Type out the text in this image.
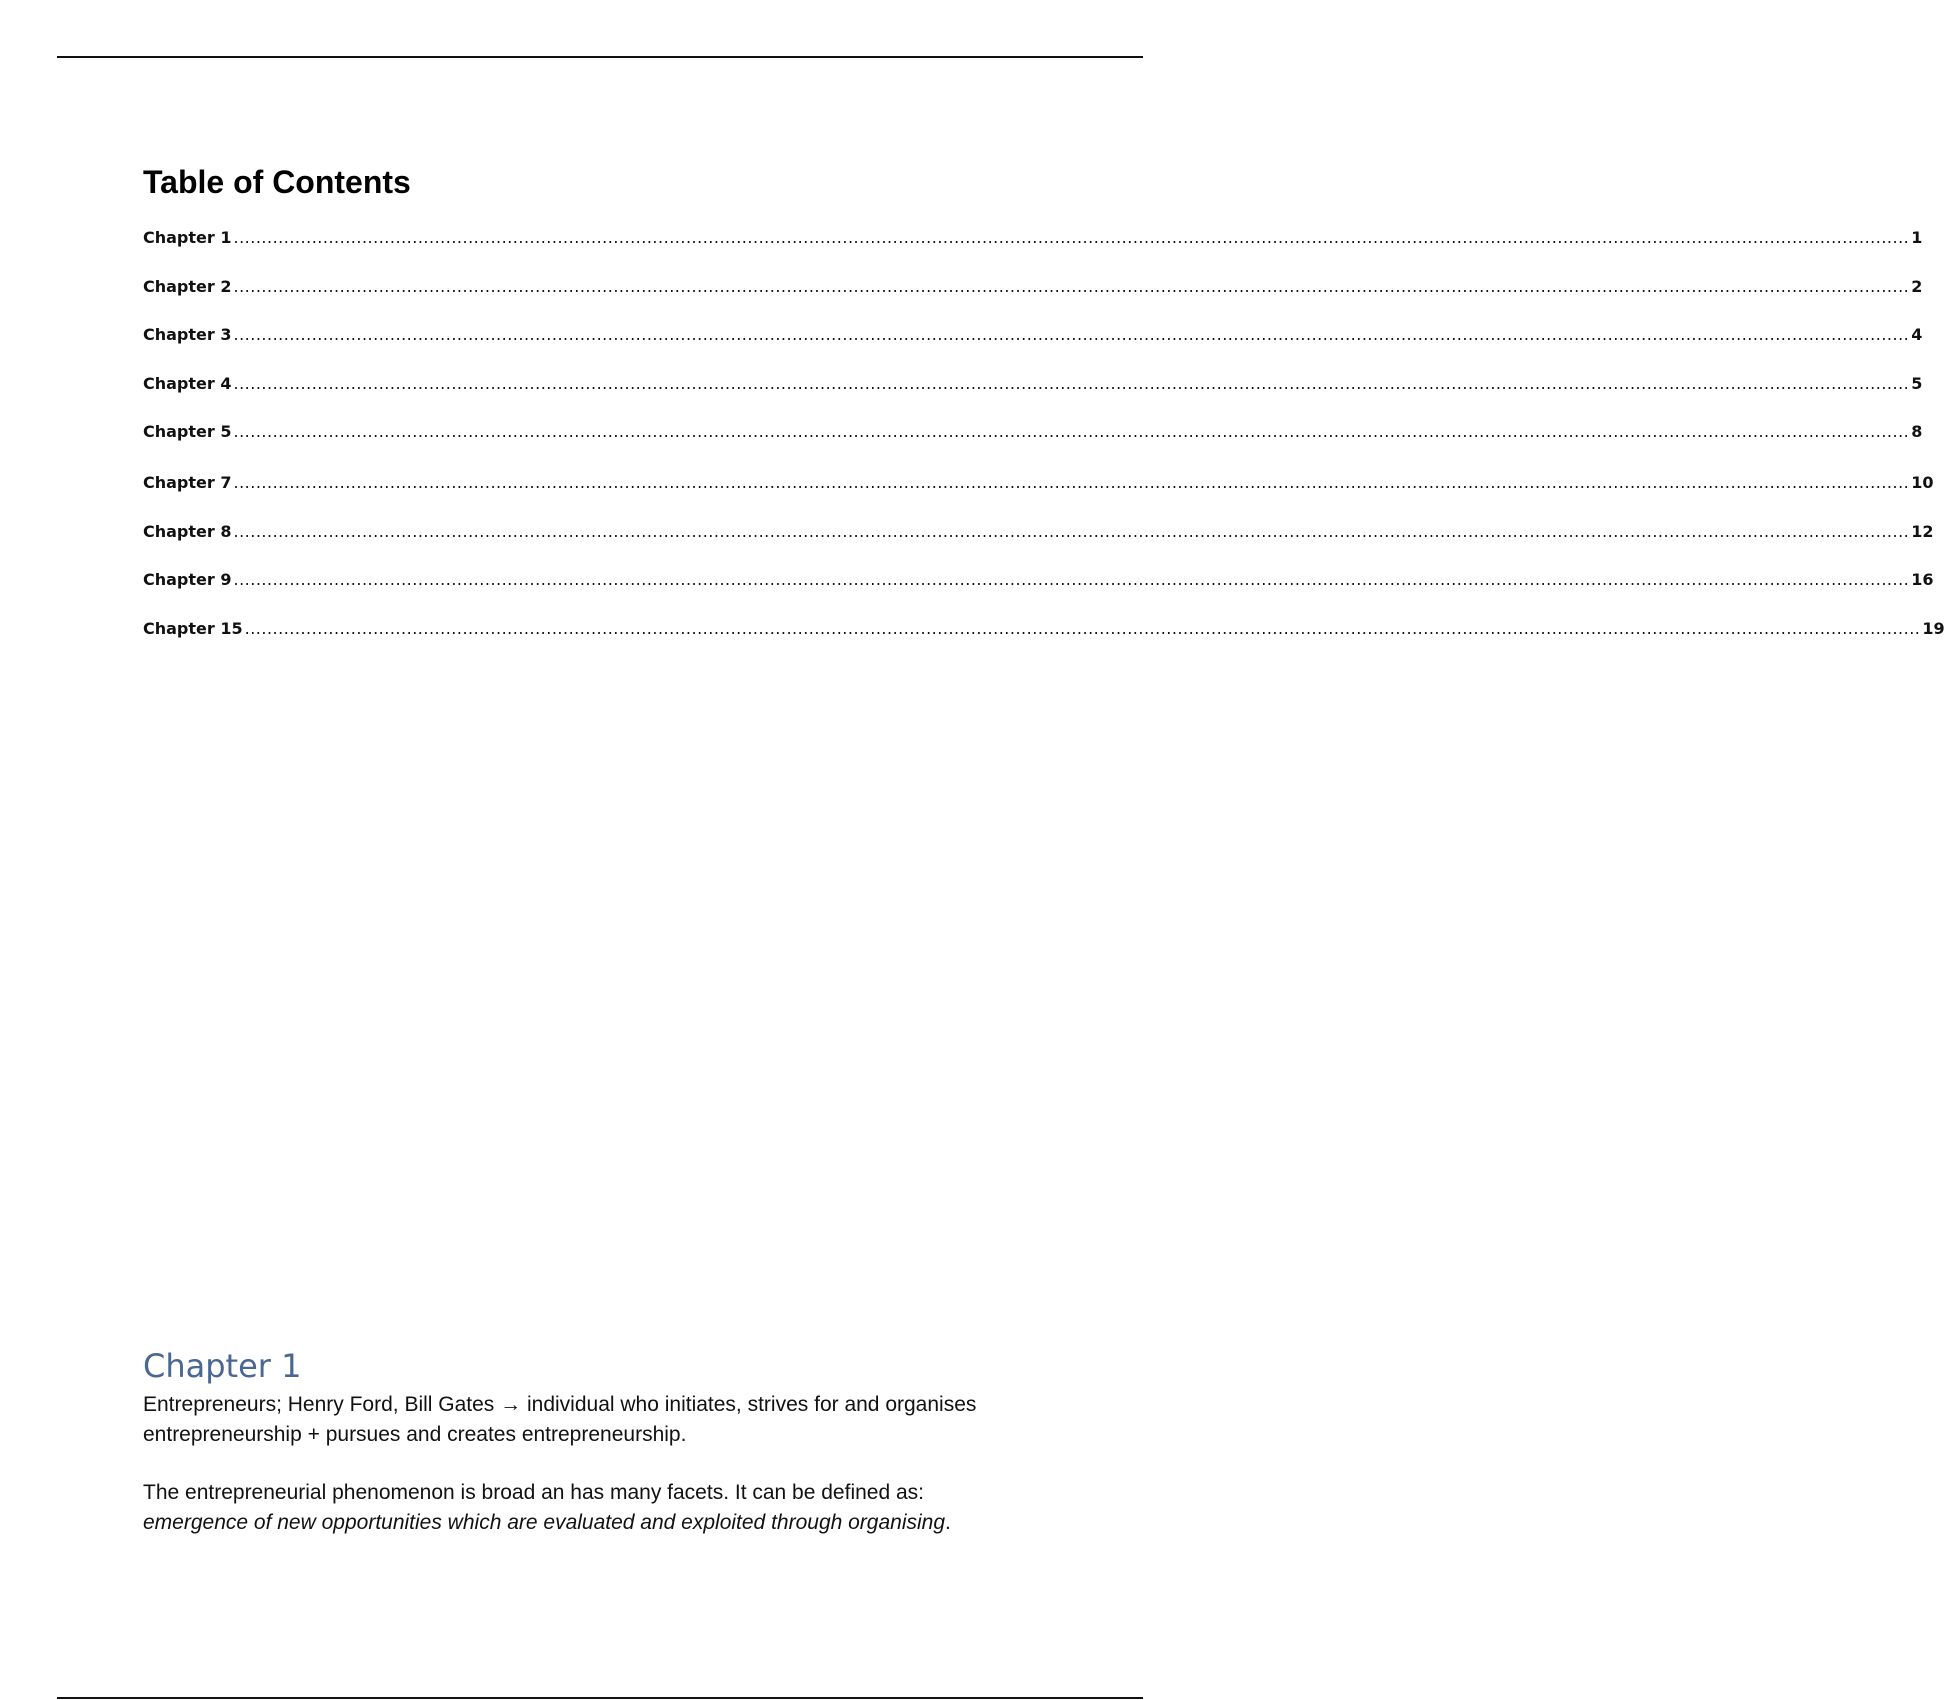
Table of Contents
Chapter 1 ............................................................................................................................................................................................................................................................................................................ 1
Chapter 2 ............................................................................................................................................................................................................................................................................................................ 2
Chapter 3 ............................................................................................................................................................................................................................................................................................................ 4
Chapter 4 ............................................................................................................................................................................................................................................................................................................ 5
Chapter 5 ............................................................................................................................................................................................................................................................................................................ 8
Chapter 7 ............................................................................................................................................................................................................................................................................................................ 10
Chapter 8 ............................................................................................................................................................................................................................................................................................................ 12
Chapter 9 ............................................................................................................................................................................................................................................................................................................ 16
Chapter 15 ............................................................................................................................................................................................................................................................................................................ 19
Chapter 1

Entrepreneurs; Henry Ford, Bill Gates → individual who initiates, strives for and organises entrepreneurship + pursues and creates entrepreneurship.

The entrepreneurial phenomenon is broad an has many facets. It can be defined as:
emergence of new opportunities which are evaluated and exploited through organising.
